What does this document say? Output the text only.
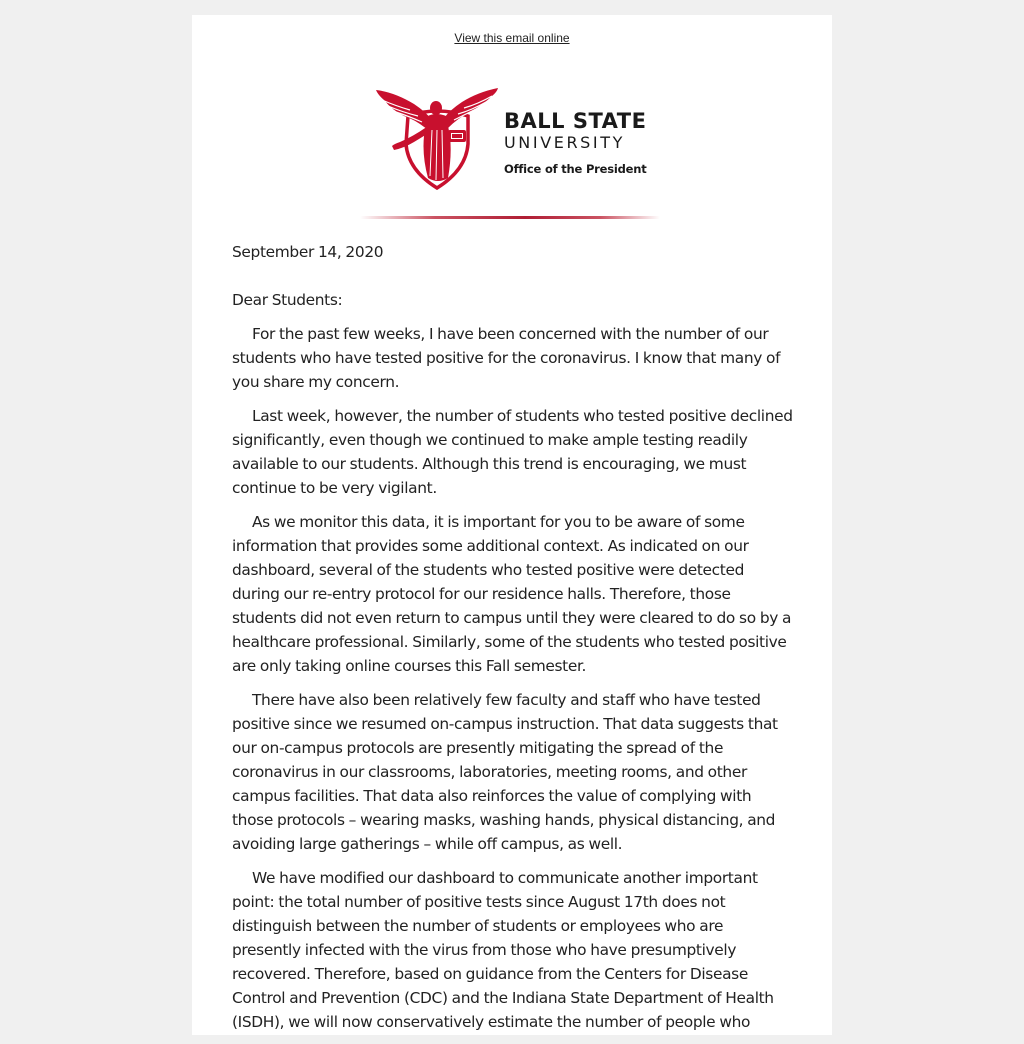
View this email online
BALL STATE
UNIVERSITY
Office of the President

September 14, 2020

Dear Students:

For the past few weeks, I have been concerned with the number of our students who have tested positive for the coronavirus. I know that many of you share my concern.

Last week, however, the number of students who tested positive declined significantly, even though we continued to make ample testing readily available to our students. Although this trend is encouraging, we must continue to be very vigilant.

As we monitor this data, it is important for you to be aware of some information that provides some additional context. As indicated on our dashboard, several of the students who tested positive were detected during our re-entry protocol for our residence halls. Therefore, those students did not even return to campus until they were cleared to do so by a healthcare professional. Similarly, some of the students who tested positive are only taking online courses this Fall semester.

There have also been relatively few faculty and staff who have tested positive since we resumed on-campus instruction. That data suggests that our on-campus protocols are presently mitigating the spread of the coronavirus in our classrooms, laboratories, meeting rooms, and other campus facilities. That data also reinforces the value of complying with those protocols – wearing masks, washing hands, physical distancing, and avoiding large gatherings – while off campus, as well.

We have modified our dashboard to communicate another important point: the total number of positive tests since August 17th does not distinguish between the number of students or employees who are presently infected with the virus from those who have presumptively recovered. Therefore, based on guidance from the Centers for Disease Control and Prevention (CDC) and the Indiana State Department of Health (ISDH), we will now conservatively estimate the number of people who
